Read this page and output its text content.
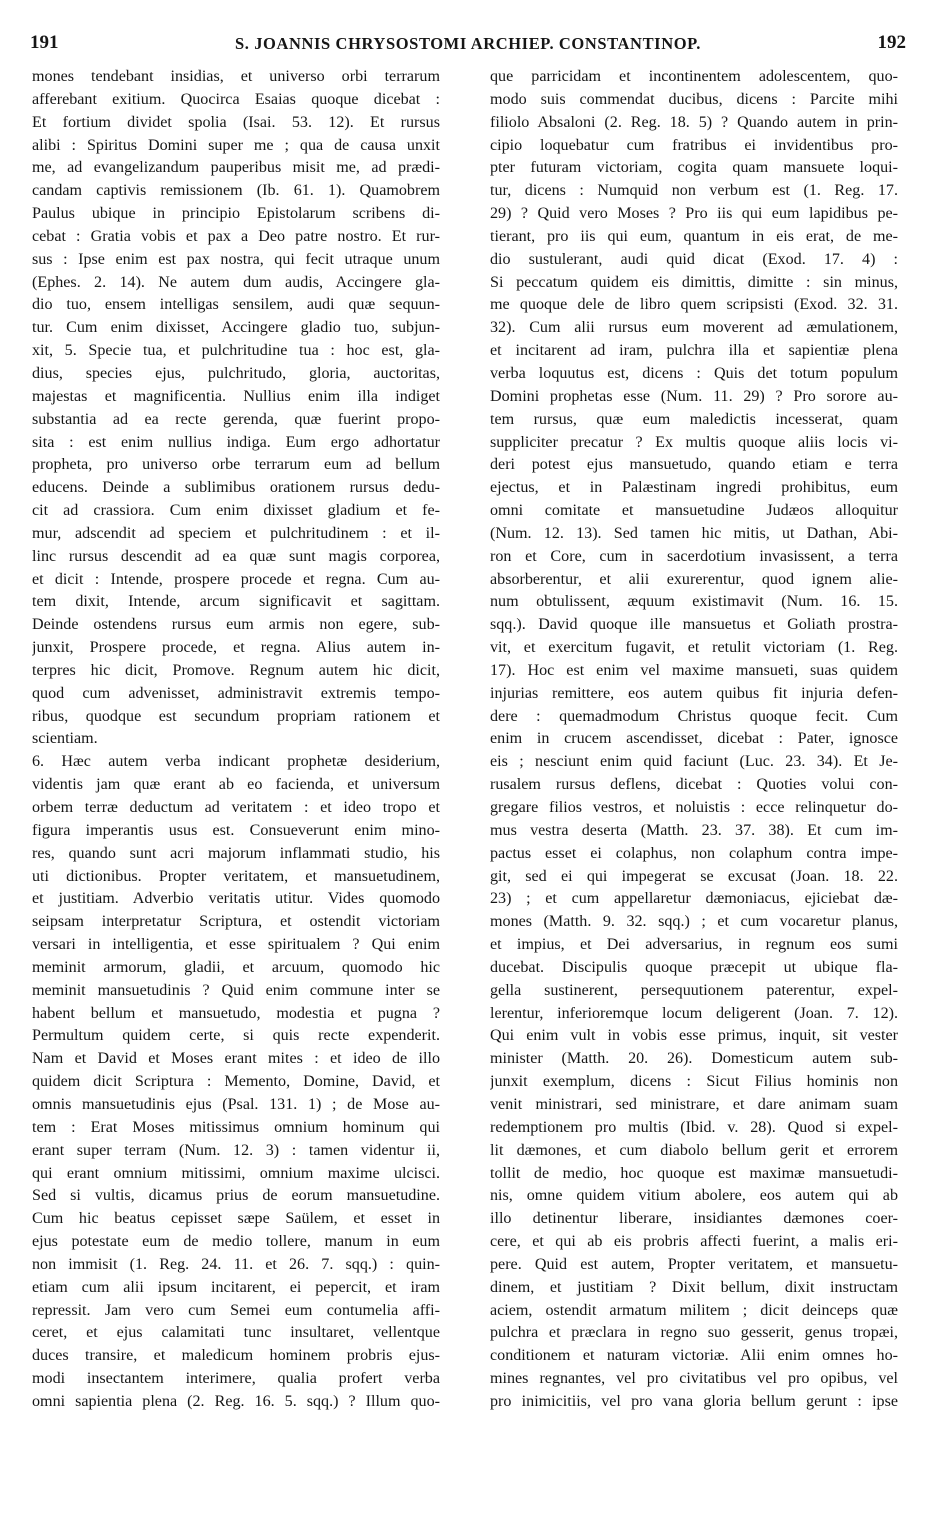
191	S. JOANNIS CHRYSOSTOMI ARCHIEP. CONSTANTINOP.	192
mones tendebant insidias, et universo orbi terrarum
afferebant exitium. Quocirca Esaias quoque dicebat :
Et fortium dividet spolia (Isai. 53. 12). Et rursus
alibi : Spiritus Domini super me ; qua de causa unxit
me, ad evangelizandum pauperibus misit me, ad prædi-
candam captivis remissionem (Ib. 61. 1). Quamobrem
Paulus ubique in principio Epistolarum scribens di-
cebat : Gratia vobis et pax a Deo patre nostro. Et rur-
sus : Ipse enim est pax nostra, qui fecit utraque unum
(Ephes. 2. 14). Ne autem dum audis, Accingere gla-
dio tuo, ensem intelligas sensilem, audi quæ sequun-
tur. Cum enim dixisset, Accingere gladio tuo, subjun-
xit, 5. Specie tua, et pulchritudine tua : hoc est, gla-
dius, species ejus, pulchritudo, gloria, auctoritas,
majestas et magnificentia. Nullius enim illa indiget
substantia ad ea recte gerenda, quæ fuerint propo-
sita : est enim nullius indiga. Eum ergo adhortatur
propheta, pro universo orbe terrarum eum ad bellum
educens. Deinde a sublimibus orationem rursus dedu-
cit ad crassiora. Cum enim dixisset gladium et fe-
mur, adscendit ad speciem et pulchritudinem : et il-
linc rursus descendit ad ea quæ sunt magis corporea,
et dicit : Intende, prospere procede et regna. Cum au-
tem dixit, Intende, arcum significavit et sagittam.
Deinde ostendens rursus eum armis non egere, sub-
junxit, Prospere procede, et regna. Alius autem in-
terpres hic dicit, Promove. Regnum autem hic dicit,
quod cum advenisset, administravit extremis tempo-
ribus, quodque est secundum propriam rationem et
scientiam.
6. Hæc autem verba indicant prophetæ desiderium,
videntis jam quæ erant ab eo facienda, et universum
orbem terræ deductum ad veritatem : et ideo tropo et
figura imperantis usus est. Consueverunt enim mino-
res, quando sunt acri majorum inflammati studio, his
uti dictionibus. Propter veritatem, et mansuetudinem,
et justitiam. Adverbio veritatis utitur. Vides quomodo
seipsam interpretatur Scriptura, et ostendit victoriam
versari in intelligentia, et esse spiritualem ? Qui enim
meminit armorum, gladii, et arcuum, quomodo hic
meminit mansuetudinis ? Quid enim commune inter se
habent bellum et mansuetudo, modestia et pugna ?
Permultum quidem certe, si quis recte expenderit.
Nam et David et Moses erant mites : et ideo de illo
quidem dicit Scriptura : Memento, Domine, David, et
omnis mansuetudinis ejus (Psal. 131. 1) ; de Mose au-
tem : Erat Moses mitissimus omnium hominum qui
erant super terram (Num. 12. 3) : tamen videntur ii,
qui erant omnium mitissimi, omnium maxime ulcisci.
Sed si vultis, dicamus prius de eorum mansuetudine.
Cum hic beatus cepisset sæpe Saülem, et esset in
ejus potestate eum de medio tollere, manum in eum
non immisit (1. Reg. 24. 11. et 26. 7. sqq.) : quin-
etiam cum alii ipsum incitarent, ei pepercit, et iram
repressit. Jam vero cum Semei eum contumelia affi-
ceret, et ejus calamitati tunc insultaret, vellentque
duces transire, et maledicum hominem probris ejus-
modi insectantem interimere, qualia profert verba
omni sapientia plena (2. Reg. 16. 5. sqq.) ? Illum quo-
que parricidam et incontinentem adolescentem, quo-
modo suis commendat ducibus, dicens : Parcite mihi
filiolo Absaloni (2. Reg. 18. 5) ? Quando autem in prin-
cipio loquebatur cum fratribus ei invidentibus pro-
pter futuram victoriam, cogita quam mansuete loqui-
tur, dicens : Numquid non verbum est (1. Reg. 17.
29) ? Quid vero Moses ? Pro iis qui eum lapidibus pe-
tierant, pro iis qui eum, quantum in eis erat, de me-
dio sustulerant, audi quid dicat (Exod. 17. 4) :
Si peccatum quidem eis dimittis, dimitte : sin minus,
me quoque dele de libro quem scripsisti (Exod. 32. 31.
32). Cum alii rursus eum moverent ad æmulationem,
et incitarent ad iram, pulchra illa et sapientiæ plena
verba loquutus est, dicens : Quis det totum populum
Domini prophetas esse (Num. 11. 29) ? Pro sorore au-
tem rursus, quæ eum maledictis incesserat, quam
suppliciter precatur ? Ex multis quoque aliis locis vi-
deri potest ejus mansuetudo, quando etiam e terra
ejectus, et in Palæstinam ingredi prohibitus, eum
omni comitate et mansuetudine Judæos alloquitur
(Num. 12. 13). Sed tamen hic mitis, ut Dathan, Abi-
ron et Core, cum in sacerdotium invasissent, a terra
absorberentur, et alii exurerentur, quod ignem alie-
num obtulissent, æquum existimavit (Num. 16. 15.
sqq.). David quoque ille mansuetus et Goliath prostra-
vit, et exercitum fugavit, et retulit victoriam (1. Reg.
17). Hoc est enim vel maxime mansueti, suas quidem
injurias remittere, eos autem quibus fit injuria defen-
dere : quemadmodum Christus quoque fecit. Cum
enim in crucem ascendisset, dicebat : Pater, ignosce
eis ; nesciunt enim quid faciunt (Luc. 23. 34). Et Je-
rusalem rursus deflens, dicebat : Quoties volui con-
gregare filios vestros, et noluistis : ecce relinquetur do-
mus vestra deserta (Matth. 23. 37. 38). Et cum im-
pactus esset ei colaphus, non colaphum contra impe-
git, sed ei qui impegerat se excusat (Joan. 18. 22.
23) ; et cum appellaretur dæmoniacus, ejiciebat dæ-
mones (Matth. 9. 32. sqq.) ; et cum vocaretur planus,
et impius, et Dei adversarius, in regnum eos sumi
ducebat. Discipulis quoque præcepit ut ubique fla-
gella sustinerent, persequutionem paterentur, expel-
lerentur, inferioremque locum deligerent (Joan. 7. 12).
Qui enim vult in vobis esse primus, inquit, sit vester
minister (Matth. 20. 26). Domesticum autem sub-
junxit exemplum, dicens : Sicut Filius hominis non
venit ministrari, sed ministrare, et dare animam suam
redemptionem pro multis (Ibid. v. 28). Quod si expel-
lit dæmones, et cum diabolo bellum gerit et errorem
tollit de medio, hoc quoque est maximæ mansuetudi-
nis, omne quidem vitium abolere, eos autem qui ab
illo detinentur liberare, insidiantes dæmones coer-
cere, et qui ab eis probris affecti fuerint, a malis eri-
pere. Quid est autem, Propter veritatem, et mansuetu-
dinem, et justitiam ? Dixit bellum, dixit instructam
aciem, ostendit armatum militem ; dicit deinceps quæ
pulchra et præclara in regno suo gesserit, genus tropæi,
conditionem et naturam victoriæ. Alii enim omnes ho-
mines regnantes, vel pro civitatibus vel pro opibus, vel
pro inimicitiis, vel pro vana gloria bellum gerunt : ipse
